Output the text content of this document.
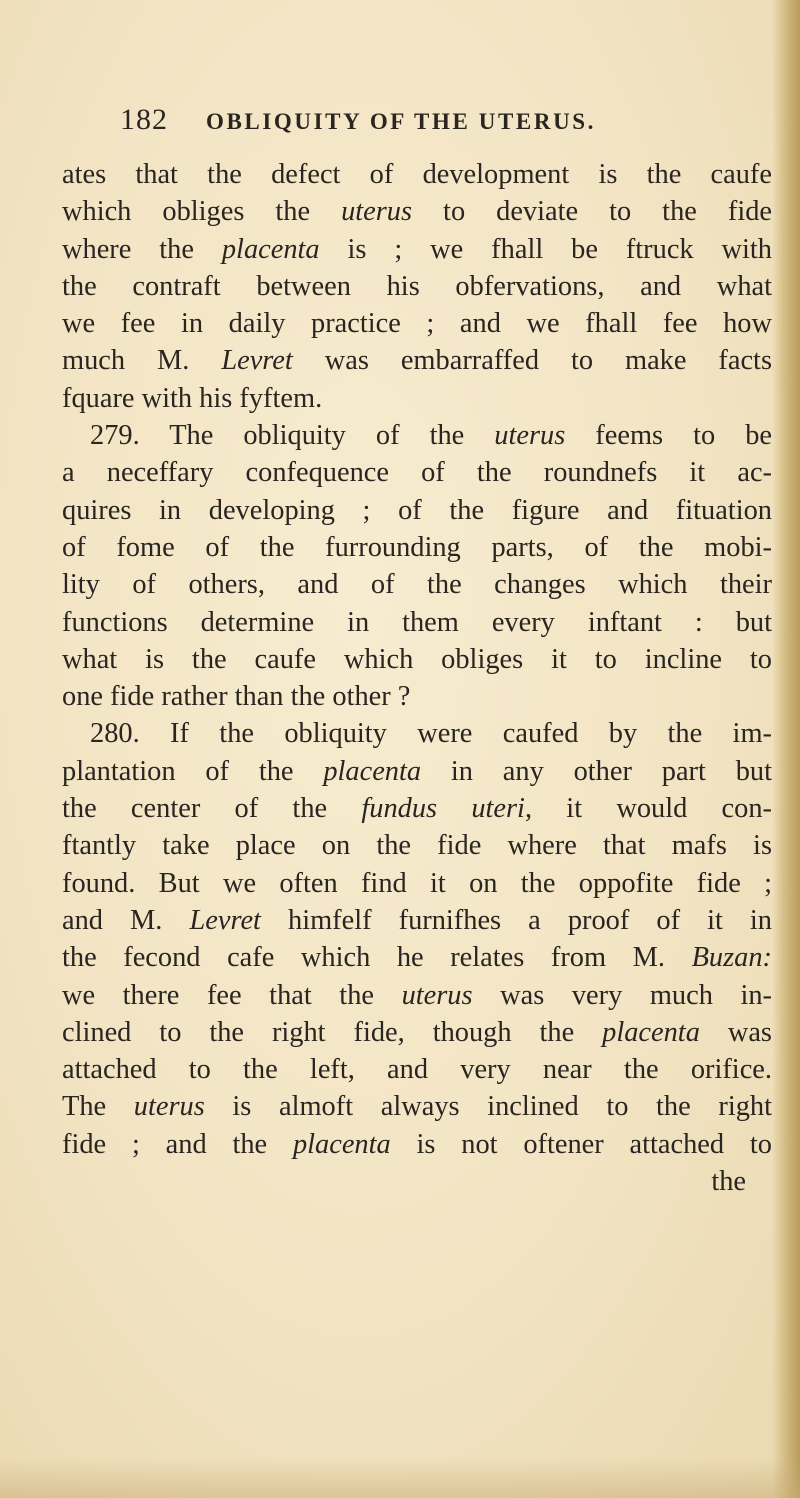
182 OBLIQUITY OF THE UTERUS.
ates that the defect of development is the caufe
which obliges the uterus to deviate to the fide
where the placenta is ; we fhall be ftruck with
the contraft between his obfervations, and what
we fee in daily practice ; and we fhall fee how
much M. Levret was embarraffed to make facts
fquare with his fyftem.
279. The obliquity of the uterus feems to be
a neceffary confequence of the roundnefs it ac-
quires in developing ; of the figure and fituation
of fome of the furrounding parts, of the mobi-
lity of others, and of the changes which their
functions determine in them every inftant : but
what is the caufe which obliges it to incline to
one fide rather than the other ?
280. If the obliquity were caufed by the im-
plantation of the placenta in any other part but
the center of the fundus uteri, it would con-
ftantly take place on the fide where that mafs is
found. But we often find it on the oppofite fide ;
and M. Levret himfelf furnifhes a proof of it in
the fecond cafe which he relates from M. Buzan:
we there fee that the uterus was very much in-
clined to the right fide, though the placenta was
attached to the left, and very near the orifice.
The uterus is almoft always inclined to the right
fide ; and the placenta is not oftener attached to
the
